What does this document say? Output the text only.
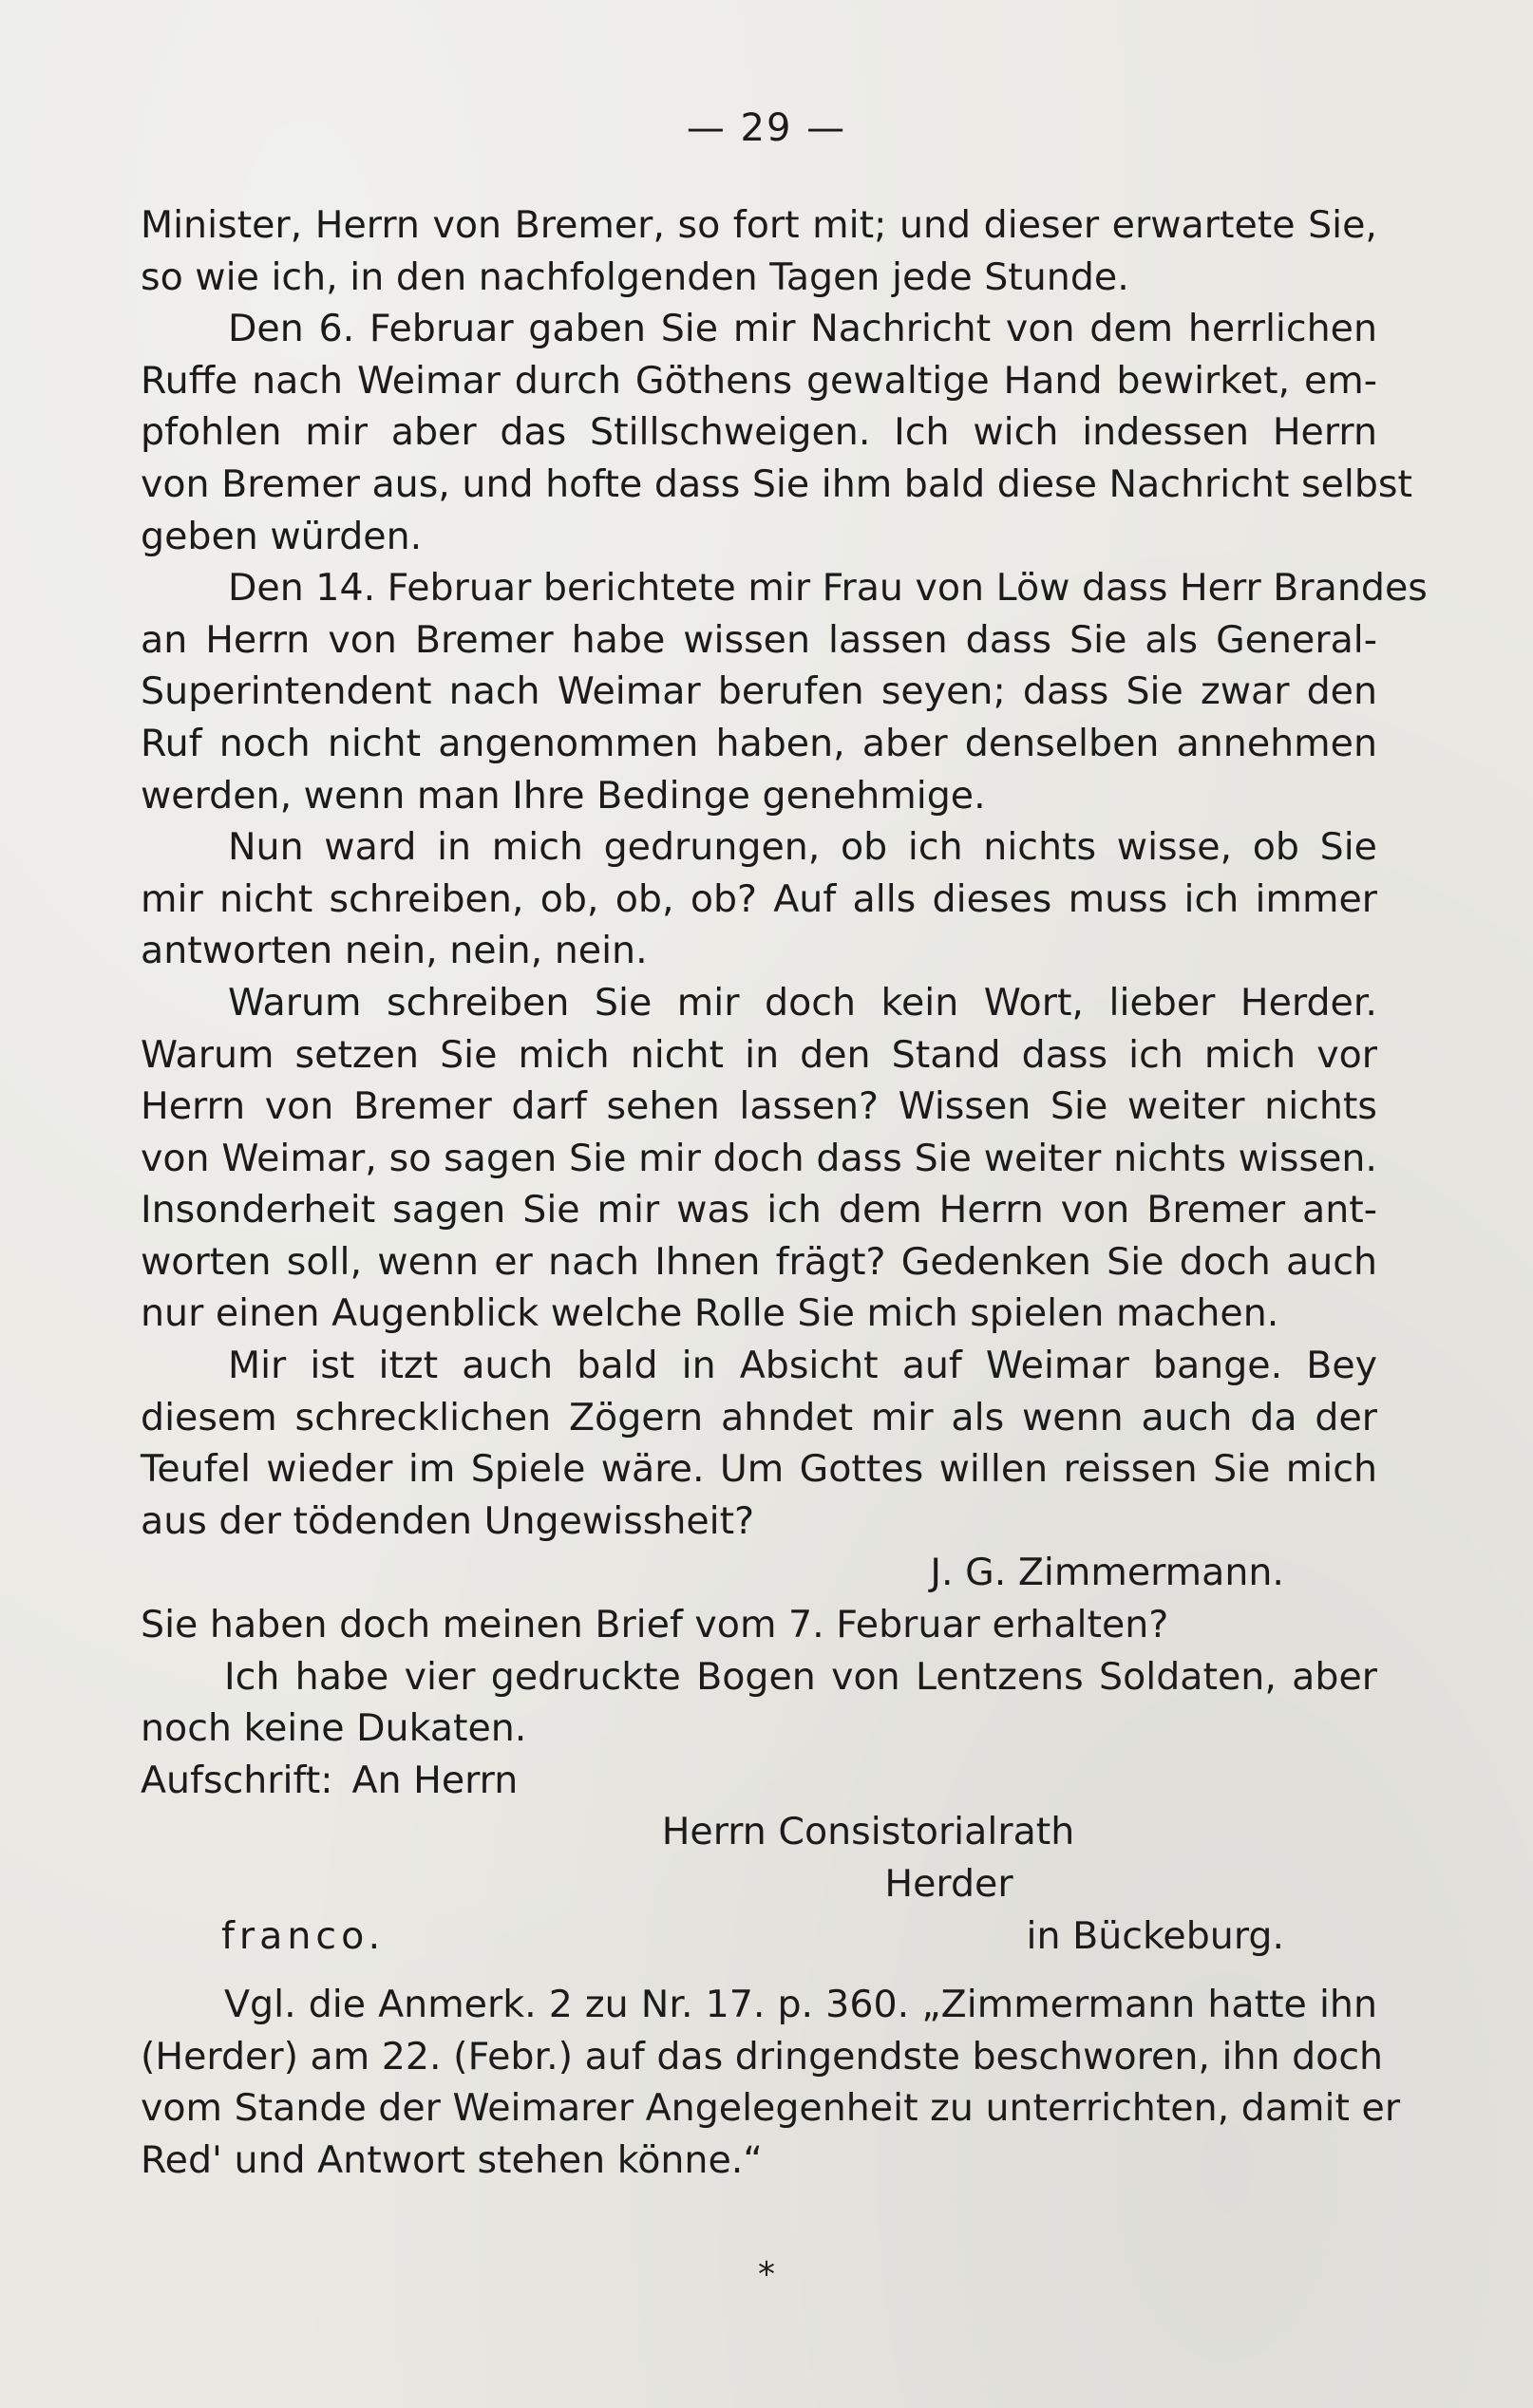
— 29 —
Minister, Herrn von Bremer, so fort mit; und dieser erwartete Sie,
so wie ich, in den nachfolgenden Tagen jede Stunde.
Den 6. Februar gaben Sie mir Nachricht von dem herrlichen
Ruffe nach Weimar durch Göthens gewaltige Hand bewirket, em-
pfohlen mir aber das Stillschweigen. Ich wich indessen Herrn
von Bremer aus, und hofte dass Sie ihm bald diese Nachricht selbst
geben würden.
Den 14. Februar berichtete mir Frau von Löw dass Herr Brandes
an Herrn von Bremer habe wissen lassen dass Sie als General-
Superintendent nach Weimar berufen seyen; dass Sie zwar den
Ruf noch nicht angenommen haben, aber denselben annehmen
werden, wenn man Ihre Bedinge genehmige.
Nun ward in mich gedrungen, ob ich nichts wisse, ob Sie
mir nicht schreiben, ob, ob, ob? Auf alls dieses muss ich immer
antworten nein, nein, nein.
Warum schreiben Sie mir doch kein Wort, lieber Herder.
Warum setzen Sie mich nicht in den Stand dass ich mich vor
Herrn von Bremer darf sehen lassen? Wissen Sie weiter nichts
von Weimar, so sagen Sie mir doch dass Sie weiter nichts wissen.
Insonderheit sagen Sie mir was ich dem Herrn von Bremer ant-
worten soll, wenn er nach Ihnen frägt? Gedenken Sie doch auch
nur einen Augenblick welche Rolle Sie mich spielen machen.
Mir ist itzt auch bald in Absicht auf Weimar bange. Bey
diesem schrecklichen Zögern ahndet mir als wenn auch da der
Teufel wieder im Spiele wäre. Um Gottes willen reissen Sie mich
aus der tödenden Ungewissheit?
J. G. Zimmermann.
Sie haben doch meinen Brief vom 7. Februar erhalten?
Ich habe vier gedruckte Bogen von Lentzens Soldaten, aber
noch keine Dukaten.
Aufschrift: An Herrn
Herrn Consistorialrath
Herder
franco.	in Bückeburg.
Vgl. die Anmerk. 2 zu Nr. 17. p. 360. „Zimmermann hatte ihn
(Herder) am 22. (Febr.) auf das dringendste beschworen, ihn doch
vom Stande der Weimarer Angelegenheit zu unterrichten, damit er
Red' und Antwort stehen könne.“
*
